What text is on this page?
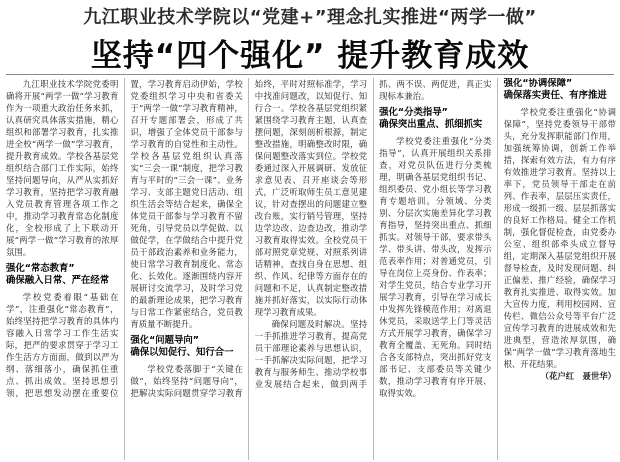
九江职业技术学院以“党建+”理念扎实推进“两学一做”
坚持“四个强化” 提升教育成效

九江职业技术学院党委明确将开展“两学一做”学习教育作为一项重大政治任务来抓，认真研究具体落实措施，精心组织和部署学习教育，扎实推进全校“两学一做”学习教育，提升教育成效。学校各基层党组织结合部门工作实际，始终坚持问题导向，从严从实抓好学习教育，坚持把学习教育融入党员教育管理各项工作之中，推动学习教育常态化制度化，全校形成了上下联动开展“两学一做”学习教育的浓厚氛围。

强化“常态教育”
确保融入日常、严在经常

学校党委着眼“基础在学”，注重强化“常态教育”，始终坚持把学习教育的具体内容融入日常学习工作生活实际，把严的要求贯穿于学习工作生活方方面面，做到以严为纲、落细落小，确保抓住重点、抓出成效。坚持思想引领，把思想发动摆在重要位置，学习教育启动伊始，学校党委组织学习中央和省委关于“两学一做”学习教育精神，召开专题部署会，形成了共识，增强了全体党员干部参与学习教育的自觉性和主动性。学校各基层党组织认真落实“三会一课”制度，把学习教育与平时的“三会一课”、业务学习、支部主题党日活动、组织生活会等结合起来，确保全体党员干部参与学习教育不留死角，引导党员以学促做、以做促学，在学做结合中提升党员干部政治素养和业务能力，使日常学习教育制度化、常态化、长效化。逐渐围绕内容开展研讨交流学习，及时学习党的最新理论成果，把学习教育与日常工作紧密结合，党员教育质量不断提升。

强化“问题导向”
确保以知促行、知行合一

学校党委落脚于“关键在做”，始终坚持“问题导向”，把解决实际问题贯穿学习教育始终，平时对照标准学，学习中找准问题改，以知促行、知行合一。学校各基层党组织紧紧围绕学习教育主题，认真查摆问题，深刻剖析根源，制定整改措施，明确整改时限，确保问题整改落实到位。学校党委通过深入开展调研、发放征求意见表、召开座谈会等形式，广泛听取师生员工意见建议，针对查摆出的问题建立整改台账，实行销号管理，坚持边学边改、边查边改，推动学习教育取得实效。全校党员干部对照党章党规、对照系列讲话精神，查找自身在思想、组织、作风、纪律等方面存在的问题和不足，认真制定整改措施并抓好落实，以实际行动体现学习教育成果。

确保问题及时解决。坚持一手抓推进学习教育，提高党员干部理论素养与思想认识，一手抓解决实际问题，把学习教育与服务师生、推动学校事业发展结合起来，做到两手抓、两不误、两促进，真正实现标本兼治。

强化“分类指导”
确保突出重点、抓细抓实

学校党委注重强化“分类指导”，认真开展组织关系排查，对党员队伍进行分类梳理，明确各基层党组织书记、组织委员、党小组长等学习教育专题培训。分领域、分类别、分层次实施差异化学习教育指导，坚持突出重点、抓细抓实。对领导干部，要求带头学、带头讲、带头改，发挥示范表率作用；对普通党员，引导在岗位上亮身份、作表率；对学生党员，结合专业学习开展学习教育，引导在学习成长中发挥先锋模范作用；对离退休党员，采取送学上门等灵活方式开展学习教育，确保学习教育全覆盖、无死角。同时结合各支部特点，突出抓好党支部书记、支部委员等关键少数，推动学习教育有序开展、取得实效。

强化“协调保障”
确保落实责任、有序推进

学校党委注重强化“协调保障”，坚持党委领导干部带头，充分发挥职能部门作用，加强统筹协调，创新工作举措，探索有效方法，有力有序有效推进学习教育。坚持以上率下，党员领导干部走在前列、作表率，层层压实责任，形成一级抓一级、层层抓落实的良好工作格局。健全工作机制，强化督促检查，由党委办公室、组织部牵头成立督导组，定期深入基层党组织开展督导检查，及时发现问题、纠正偏差、推广经验，确保学习教育扎实推进、取得实效。加大宣传力度，利用校园网、宣传栏、微信公众号等平台广泛宣传学习教育的进展成效和先进典型，营造浓厚氛围，确保“两学一做”学习教育落地生根、开花结果。

（花户红　聂世华）
